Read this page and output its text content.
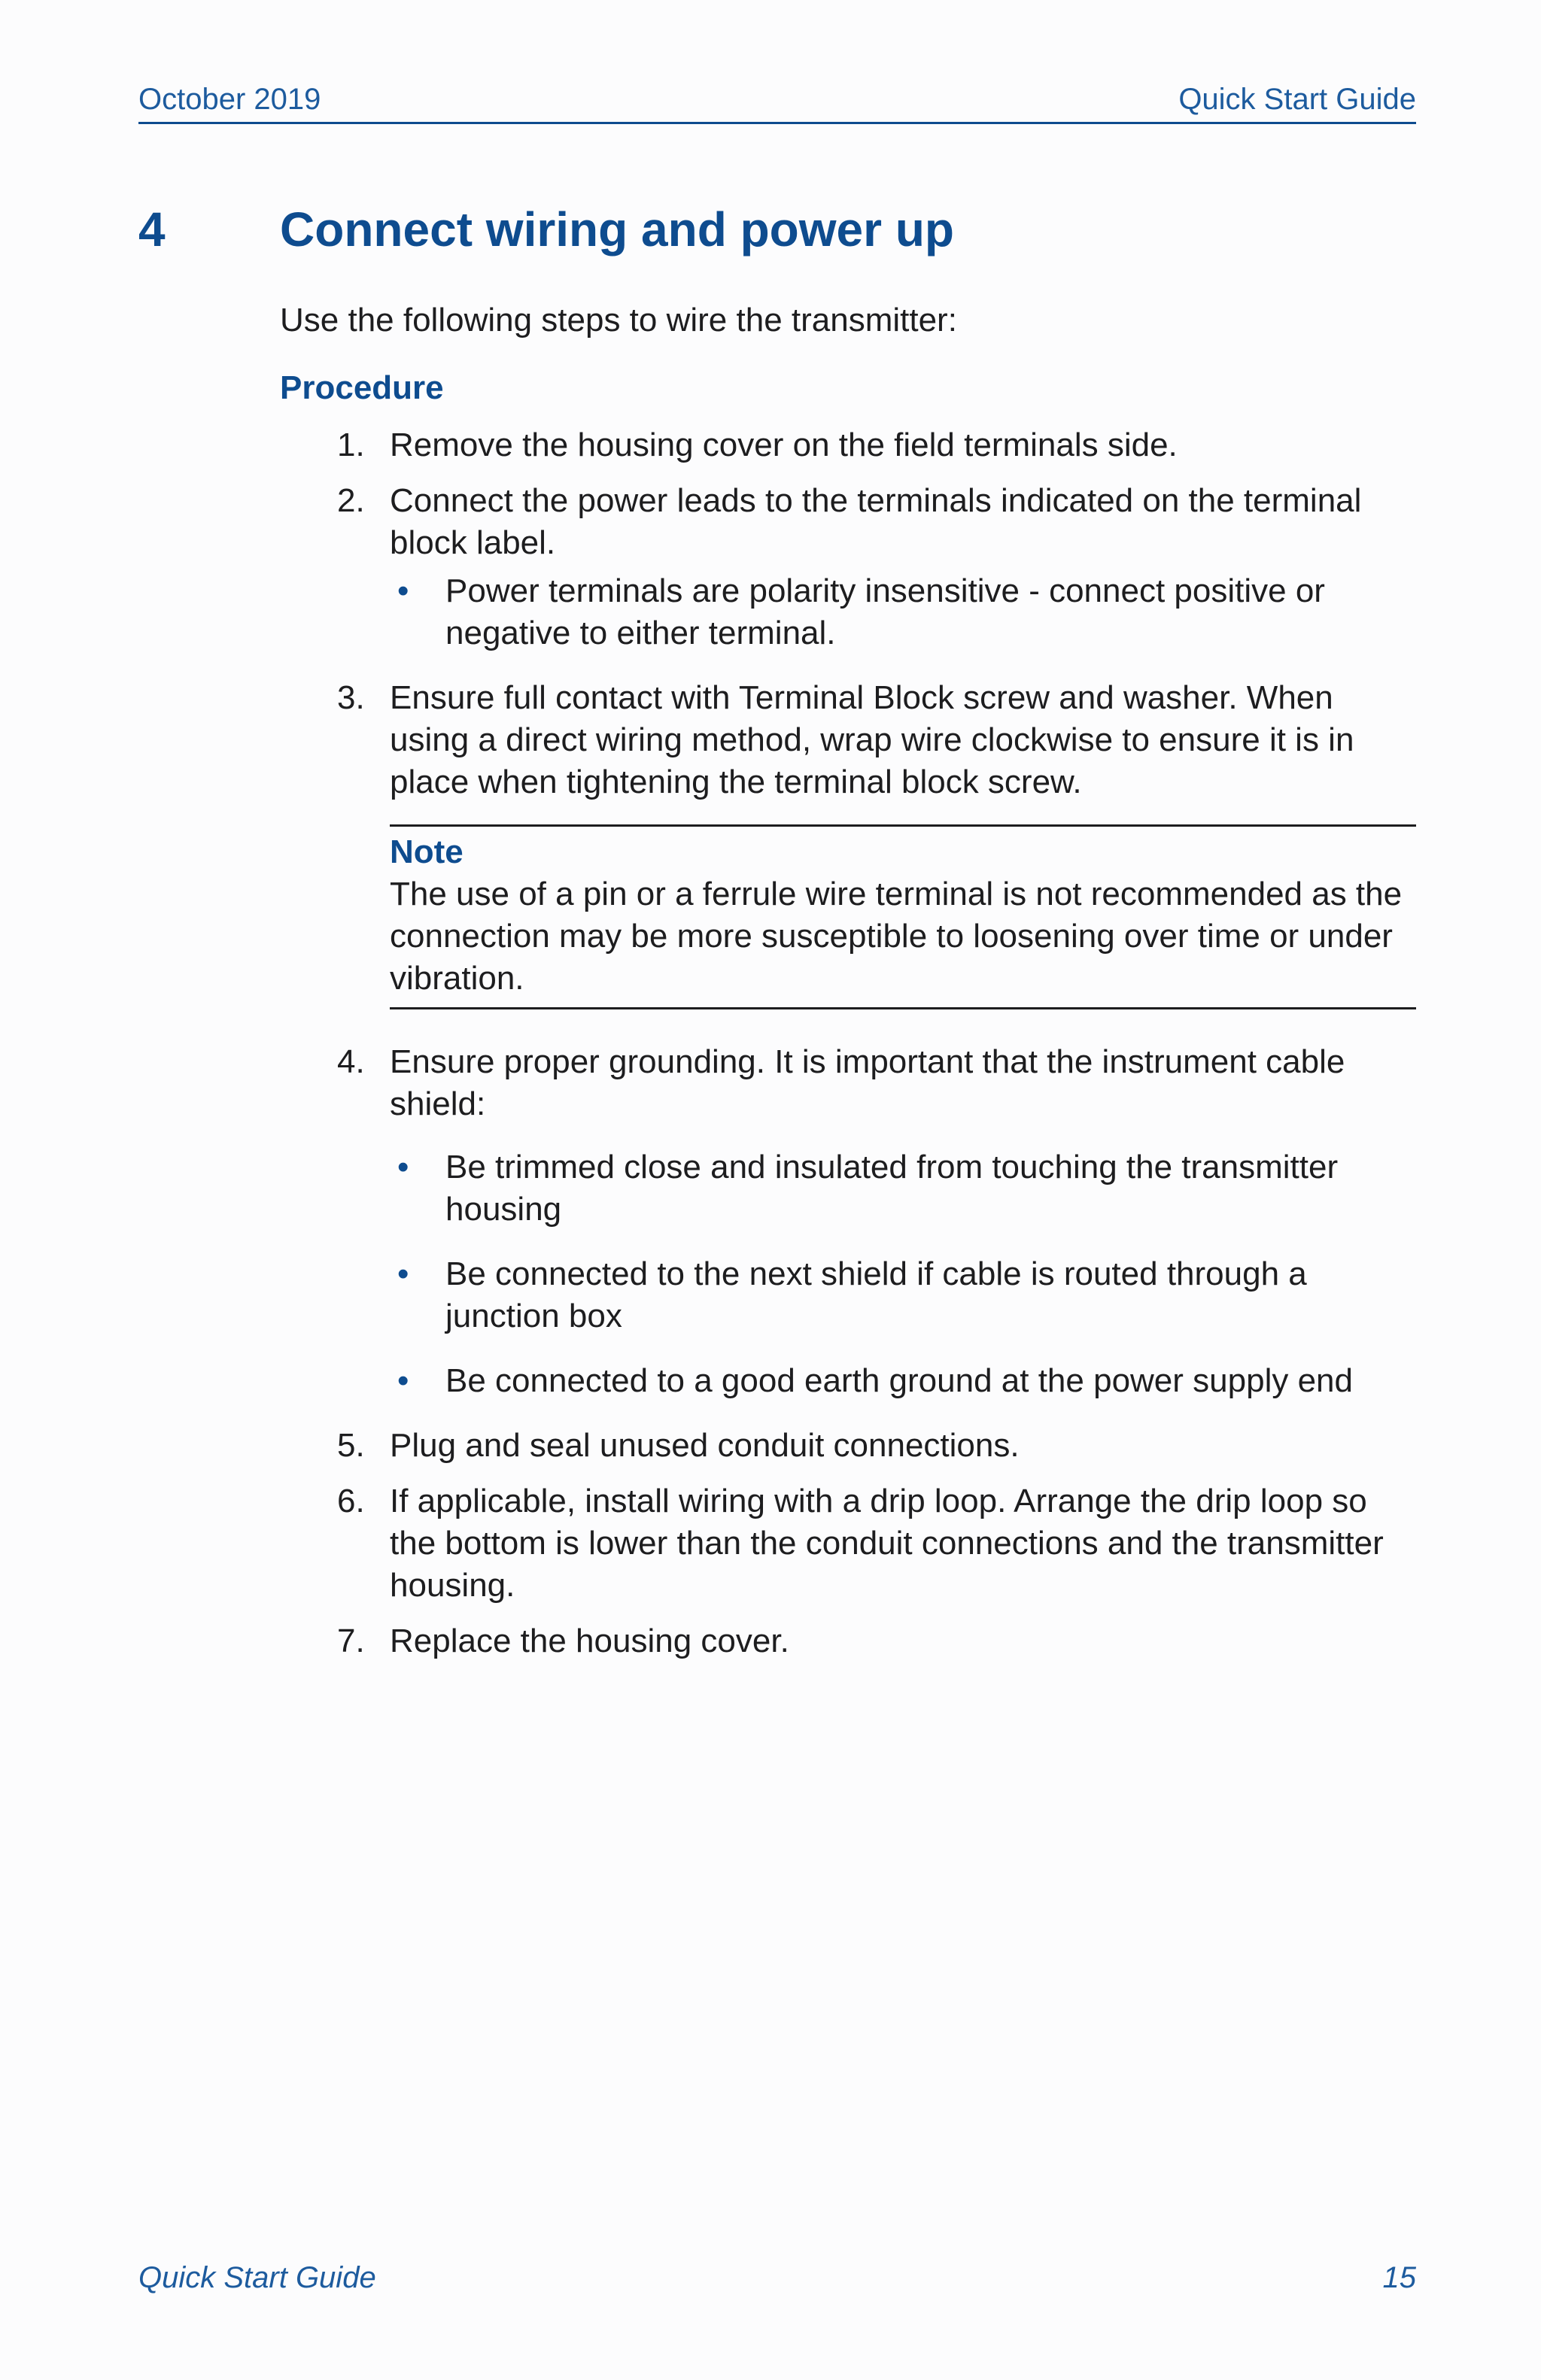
October 2019	Quick Start Guide
4 Connect wiring and power up

Use the following steps to wire the transmitter:

Procedure
1. Remove the housing cover on the field terminals side.
2. Connect the power leads to the terminals indicated on the terminal block label.
• Power terminals are polarity insensitive - connect positive or negative to either terminal.
3. Ensure full contact with Terminal Block screw and washer. When using a direct wiring method, wrap wire clockwise to ensure it is in place when tightening the terminal block screw.
Note
The use of a pin or a ferrule wire terminal is not recommended as the connection may be more susceptible to loosening over time or under vibration.
4. Ensure proper grounding. It is important that the instrument cable shield:
• Be trimmed close and insulated from touching the transmitter housing
• Be connected to the next shield if cable is routed through a junction box
• Be connected to a good earth ground at the power supply end
5. Plug and seal unused conduit connections.
6. If applicable, install wiring with a drip loop. Arrange the drip loop so the bottom is lower than the conduit connections and the transmitter housing.
7. Replace the housing cover.
Quick Start Guide	15
